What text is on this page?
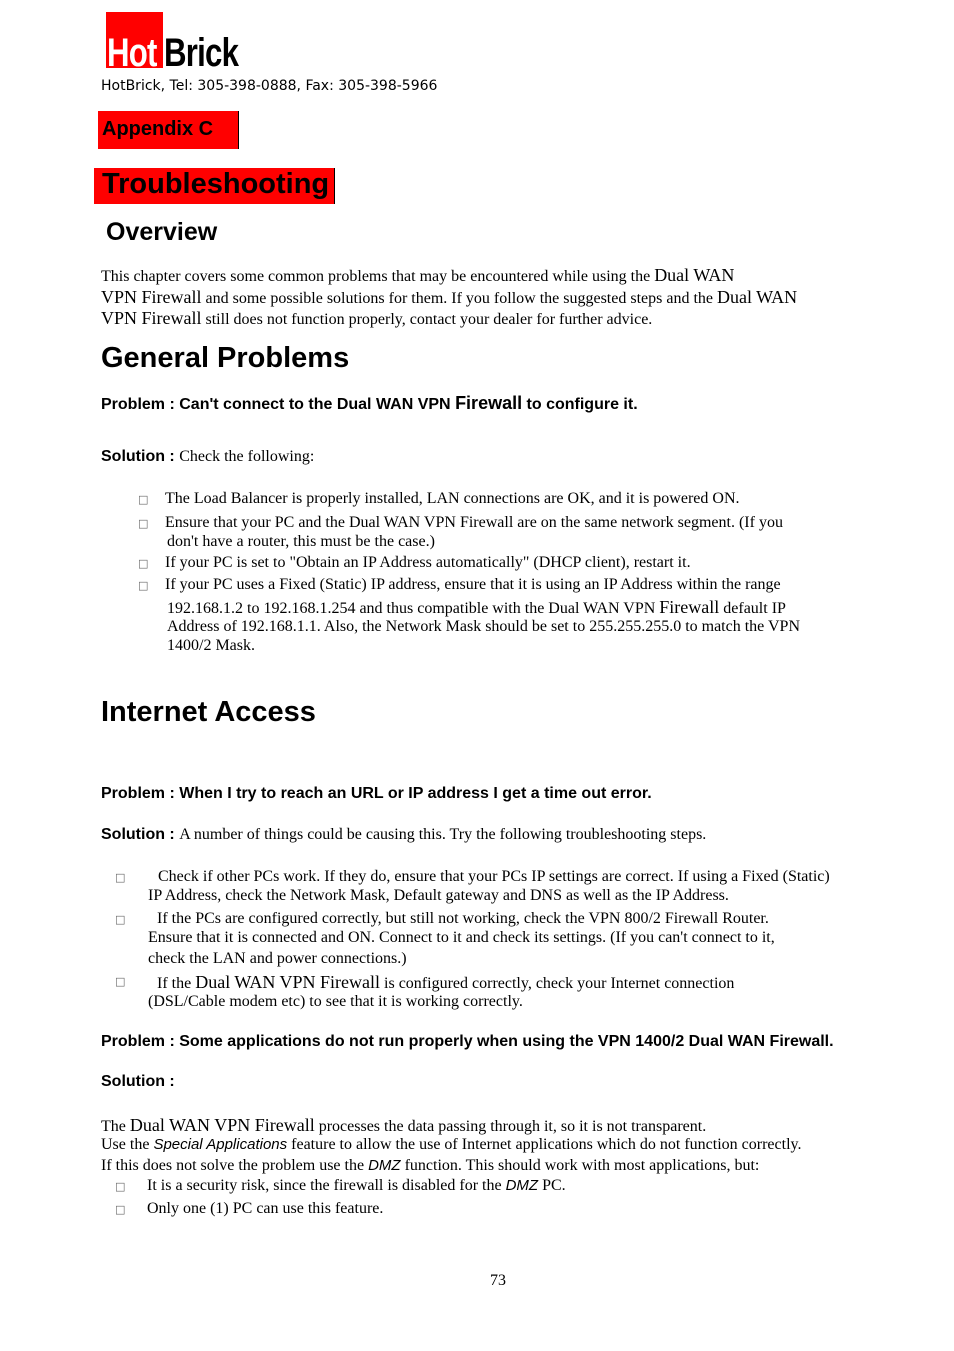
Hot Brick
HotBrick, Tel: 305-398-0888, Fax: 305-398-5966
Appendix C
Troubleshooting
Overview
This chapter covers some common problems that may be encountered while using the Dual WAN
VPN Firewall and some possible solutions for them. If you follow the suggested steps and the Dual WAN
VPN Firewall still does not function properly, contact your dealer for further advice.
General Problems
Problem : Can't connect to the Dual WAN VPN Firewall to configure it.
Solution : Check the following:
□ The Load Balancer is properly installed, LAN connections are OK, and it is powered ON.
□ Ensure that your PC and the Dual WAN VPN Firewall are on the same network segment. (If you
don't have a router, this must be the case.)
□ If your PC is set to "Obtain an IP Address automatically" (DHCP client), restart it.
□ If your PC uses a Fixed (Static) IP address, ensure that it is using an IP Address within the range
192.168.1.2 to 192.168.1.254 and thus compatible with the Dual WAN VPN Firewall default IP
Address of 192.168.1.1. Also, the Network Mask should be set to 255.255.255.0 to match the VPN
1400/2 Mask.
Internet Access
Problem : When I try to reach an URL or IP address I get a time out error.
Solution : A number of things could be causing this. Try the following troubleshooting steps.
□ Check if other PCs work. If they do, ensure that your PCs IP settings are correct. If using a Fixed (Static)
IP Address, check the Network Mask, Default gateway and DNS as well as the IP Address.
□ If the PCs are configured correctly, but still not working, check the VPN 800/2 Firewall Router.
Ensure that it is connected and ON. Connect to it and check its settings. (If you can't connect to it,
check the LAN and power connections.)
□ If the Dual WAN VPN Firewall is configured correctly, check your Internet connection
(DSL/Cable modem etc) to see that it is working correctly.
Problem : Some applications do not run properly when using the VPN 1400/2 Dual WAN Firewall.
Solution :
The Dual WAN VPN Firewall processes the data passing through it, so it is not transparent.
Use the Special Applications feature to allow the use of Internet applications which do not function correctly.
If this does not solve the problem use the DMZ function. This should work with most applications, but:
□ It is a security risk, since the firewall is disabled for the DMZ PC.
□ Only one (1) PC can use this feature.
73
